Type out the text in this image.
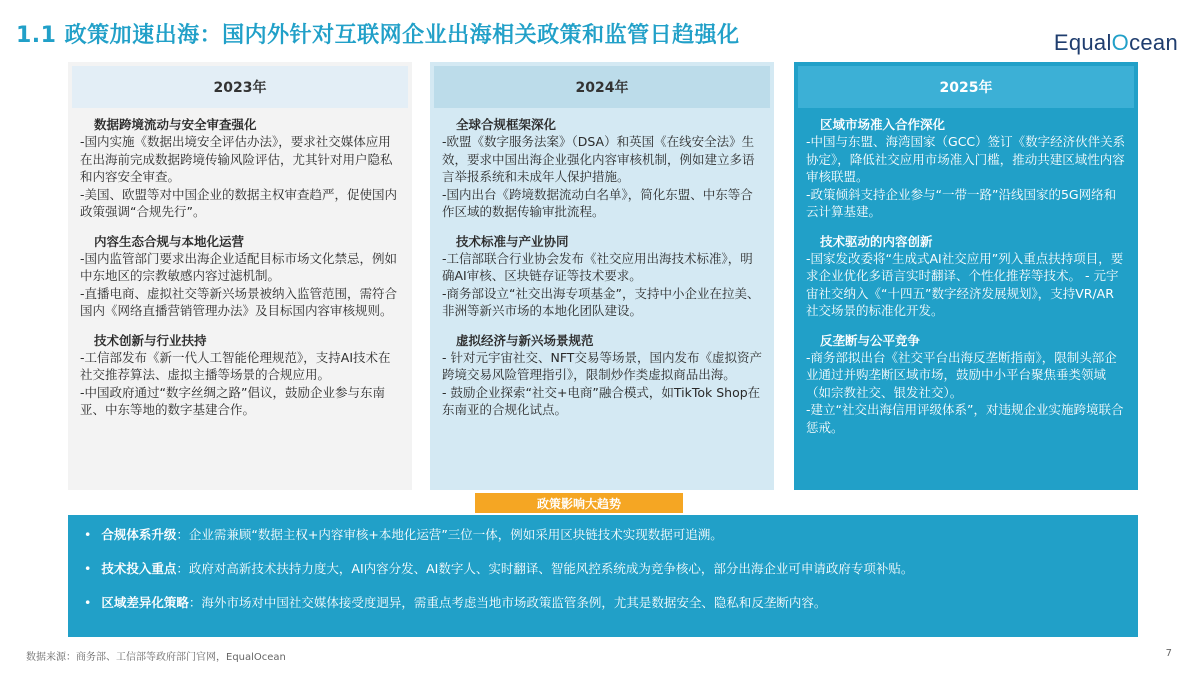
1.1 政策加速出海：国内外针对互联网企业出海相关政策和监管日趋强化	EqualOcean
2023年
数据跨境流动与安全审查强化
-国内实施《数据出境安全评估办法》，要求社交媒体应用在出海前完成数据跨境传输风险评估，尤其针对用户隐私和内容安全审查。
-美国、欧盟等对中国企业的数据主权审查趋严，促使国内政策强调“合规先行”。
内容生态合规与本地化运营
-国内监管部门要求出海企业适配目标市场文化禁忌，例如中东地区的宗教敏感内容过滤机制。
-直播电商、虚拟社交等新兴场景被纳入监管范围，需符合国内《网络直播营销管理办法》及目标国内容审核规则。
技术创新与行业扶持
-工信部发布《新一代人工智能伦理规范》，支持AI技术在社交推荐算法、虚拟主播等场景的合规应用。
-中国政府通过“数字丝绸之路”倡议，鼓励企业参与东南亚、中东等地的数字基建合作。
2024年
全球合规框架深化
-欧盟《数字服务法案》（DSA）和英国《在线安全法》生效，要求中国出海企业强化内容审核机制，例如建立多语言举报系统和未成年人保护措施。
-国内出台《跨境数据流动白名单》，简化东盟、中东等合作区域的数据传输审批流程。
技术标准与产业协同
-工信部联合行业协会发布《社交应用出海技术标准》，明确AI审核、区块链存证等技术要求。
-商务部设立“社交出海专项基金”，支持中小企业在拉美、非洲等新兴市场的本地化团队建设。
虚拟经济与新兴场景规范
- 针对元宇宙社交、NFT交易等场景，国内发布《虚拟资产跨境交易风险管理指引》，限制炒作类虚拟商品出海。
- 鼓励企业探索“社交+电商”融合模式，如TikTok Shop在东南亚的合规化试点。
2025年
区域市场准入合作深化
-中国与东盟、海湾国家（GCC）签订《数字经济伙伴关系协定》，降低社交应用市场准入门槛，推动共建区域性内容审核联盟。
-政策倾斜支持企业参与“一带一路”沿线国家的5G网络和云计算基建。
技术驱动的内容创新
-国家发改委将“生成式AI社交应用”列入重点扶持项目，要求企业优化多语言实时翻译、个性化推荐等技术。 - 元宇宙社交纳入《“十四五”数字经济发展规划》，支持VR/AR社交场景的标准化开发。
反垄断与公平竞争
-商务部拟出台《社交平台出海反垄断指南》，限制头部企业通过并购垄断区域市场，鼓励中小平台聚焦垂类领域（如宗教社交、银发社交）。
-建立“社交出海信用评级体系”，对违规企业实施跨境联合惩戒。
政策影响大趋势
• 合规体系升级：企业需兼顾“数据主权+内容审核+本地化运营”三位一体，例如采用区块链技术实现数据可追溯。
• 技术投入重点：政府对高新技术扶持力度大，AI内容分发、AI数字人、实时翻译、智能风控系统成为竞争核心，部分出海企业可申请政府专项补贴。
• 区域差异化策略：海外市场对中国社交媒体接受度迥异，需重点考虑当地市场政策监管条例，尤其是数据安全、隐私和反垄断内容。
数据来源：商务部、工信部等政府部门官网，EqualOcean	7
